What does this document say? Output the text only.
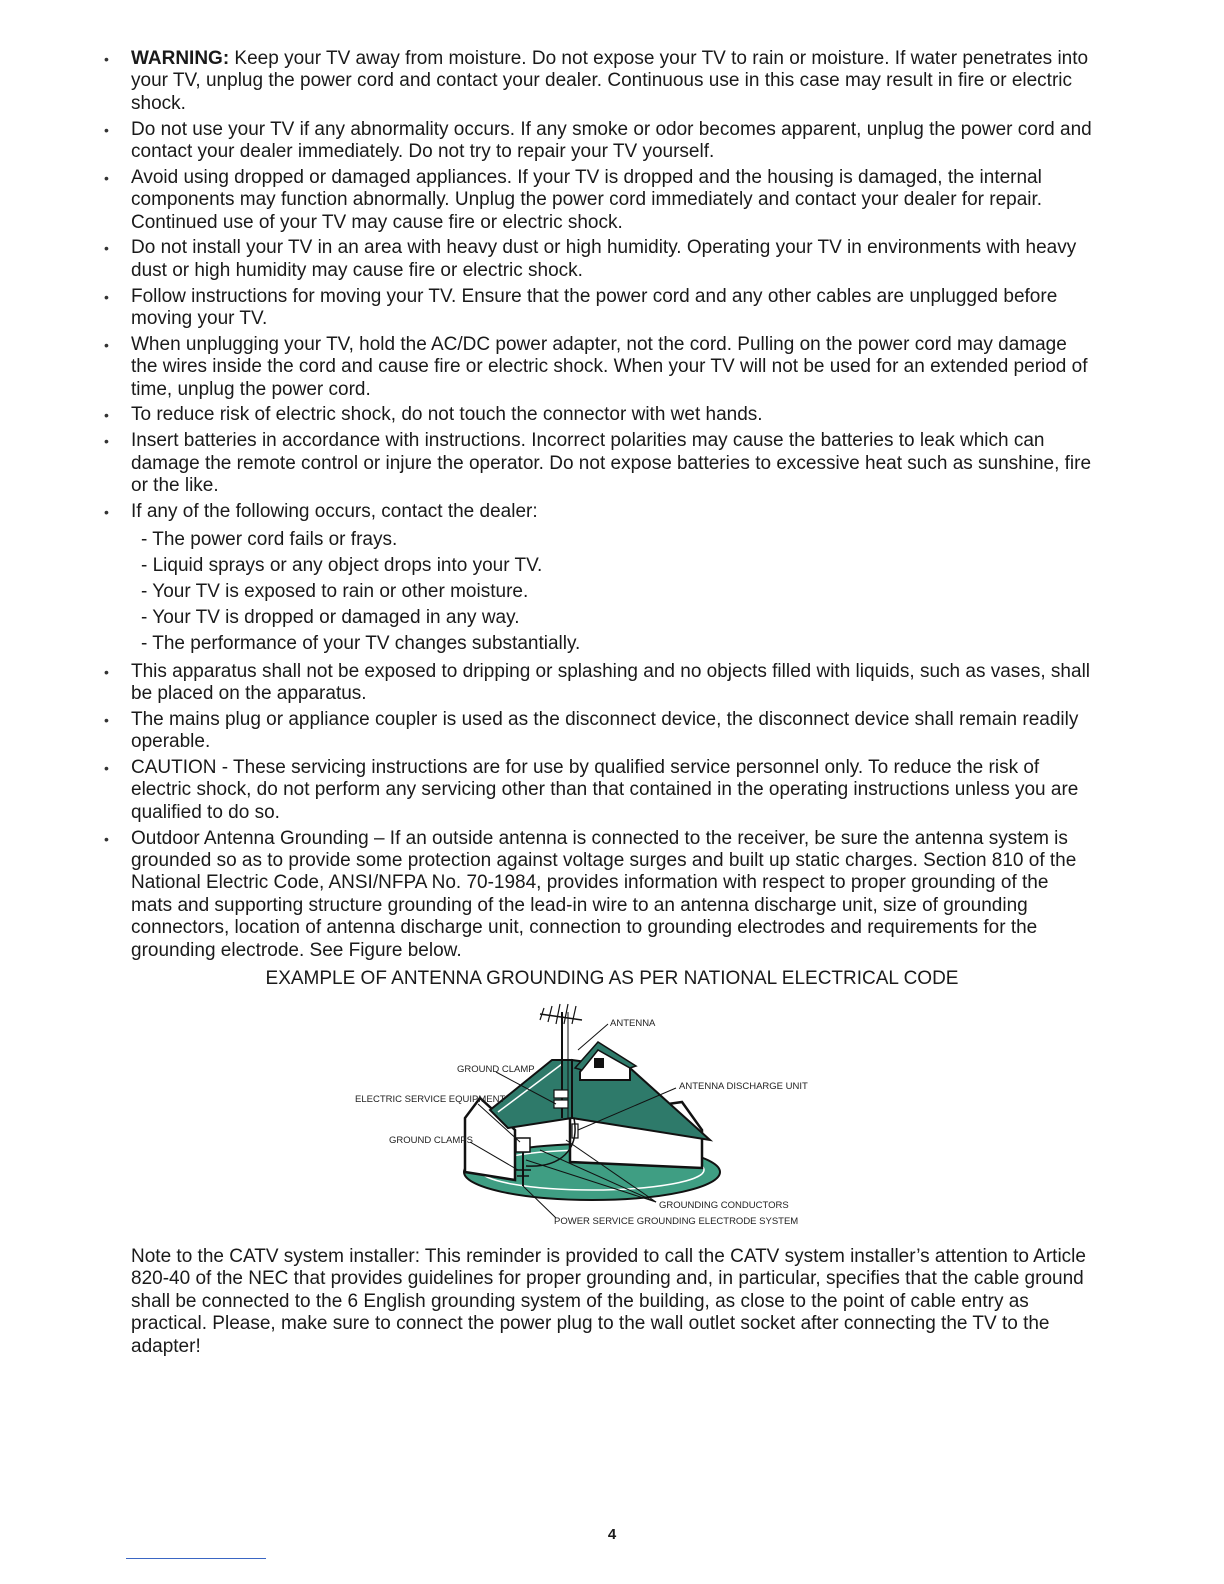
• WARNING: Keep your TV away from moisture. Do not expose your TV to rain or moisture. If water penetrates into your TV, unplug the power cord and contact your dealer. Continuous use in this case may result in fire or electric shock.
• Do not use your TV if any abnormality occurs. If any smoke or odor becomes apparent, unplug the power cord and contact your dealer immediately. Do not try to repair your TV yourself.
• Avoid using dropped or damaged appliances. If your TV is dropped and the housing is damaged, the internal components may function abnormally. Unplug the power cord immediately and contact your dealer for repair. Continued use of your TV may cause fire or electric shock.
• Do not install your TV in an area with heavy dust or high humidity. Operating your TV in environments with heavy dust or high humidity may cause fire or electric shock.
• Follow instructions for moving your TV. Ensure that the power cord and any other cables are unplugged before moving your TV.
• When unplugging your TV, hold the AC/DC power adapter, not the cord. Pulling on the power cord may damage the wires inside the cord and cause fire or electric shock. When your TV will not be used for an extended period of time, unplug the power cord.
• To reduce risk of electric shock, do not touch the connector with wet hands.
• Insert batteries in accordance with instructions. Incorrect polarities may cause the batteries to leak which can damage the remote control or injure the operator. Do not expose batteries to excessive heat such as sunshine, fire or the like.
• If any of the following occurs, contact the dealer:
- The power cord fails or frays.
- Liquid sprays or any object drops into your TV.
- Your TV is exposed to rain or other moisture.
- Your TV is dropped or damaged in any way.
- The performance of your TV changes substantially.
• This apparatus shall not be exposed to dripping or splashing and no objects filled with liquids, such as vases, shall be placed on the apparatus.
• The mains plug or appliance coupler is used as the disconnect device, the disconnect device shall remain readily operable.
• CAUTION - These servicing instructions are for use by qualified service personnel only. To reduce the risk of electric shock, do not perform any servicing other than that contained in the operating instructions unless you are qualified to do so.
• Outdoor Antenna Grounding – If an outside antenna is connected to the receiver, be sure the antenna system is grounded so as to provide some protection against voltage surges and built up static charges. Section 810 of the National Electric Code, ANSI/NFPA No. 70-1984, provides information with respect to proper grounding of the mats and supporting structure grounding of the lead-in wire to an antenna discharge unit, size of grounding connectors, location of antenna discharge unit, connection to grounding electrodes and requirements for the grounding electrode. See Figure below.
EXAMPLE OF ANTENNA GROUNDING AS PER NATIONAL ELECTRICAL CODE
ANTENNA
GROUND CLAMP
ANTENNA DISCHARGE UNIT
ELECTRIC SERVICE EQUIPMENT
GROUND CLAMPS
GROUNDING CONDUCTORS
POWER SERVICE GROUNDING ELECTRODE SYSTEM
Note to the CATV system installer: This reminder is provided to call the CATV system installer’s attention to Article 820-40 of the NEC that provides guidelines for proper grounding and, in particular, specifies that the cable ground shall be connected to the 6 English grounding system of the building, as close to the point of cable entry as practical. Please, make sure to connect the power plug to the wall outlet socket after connecting the TV to the adapter!
4
